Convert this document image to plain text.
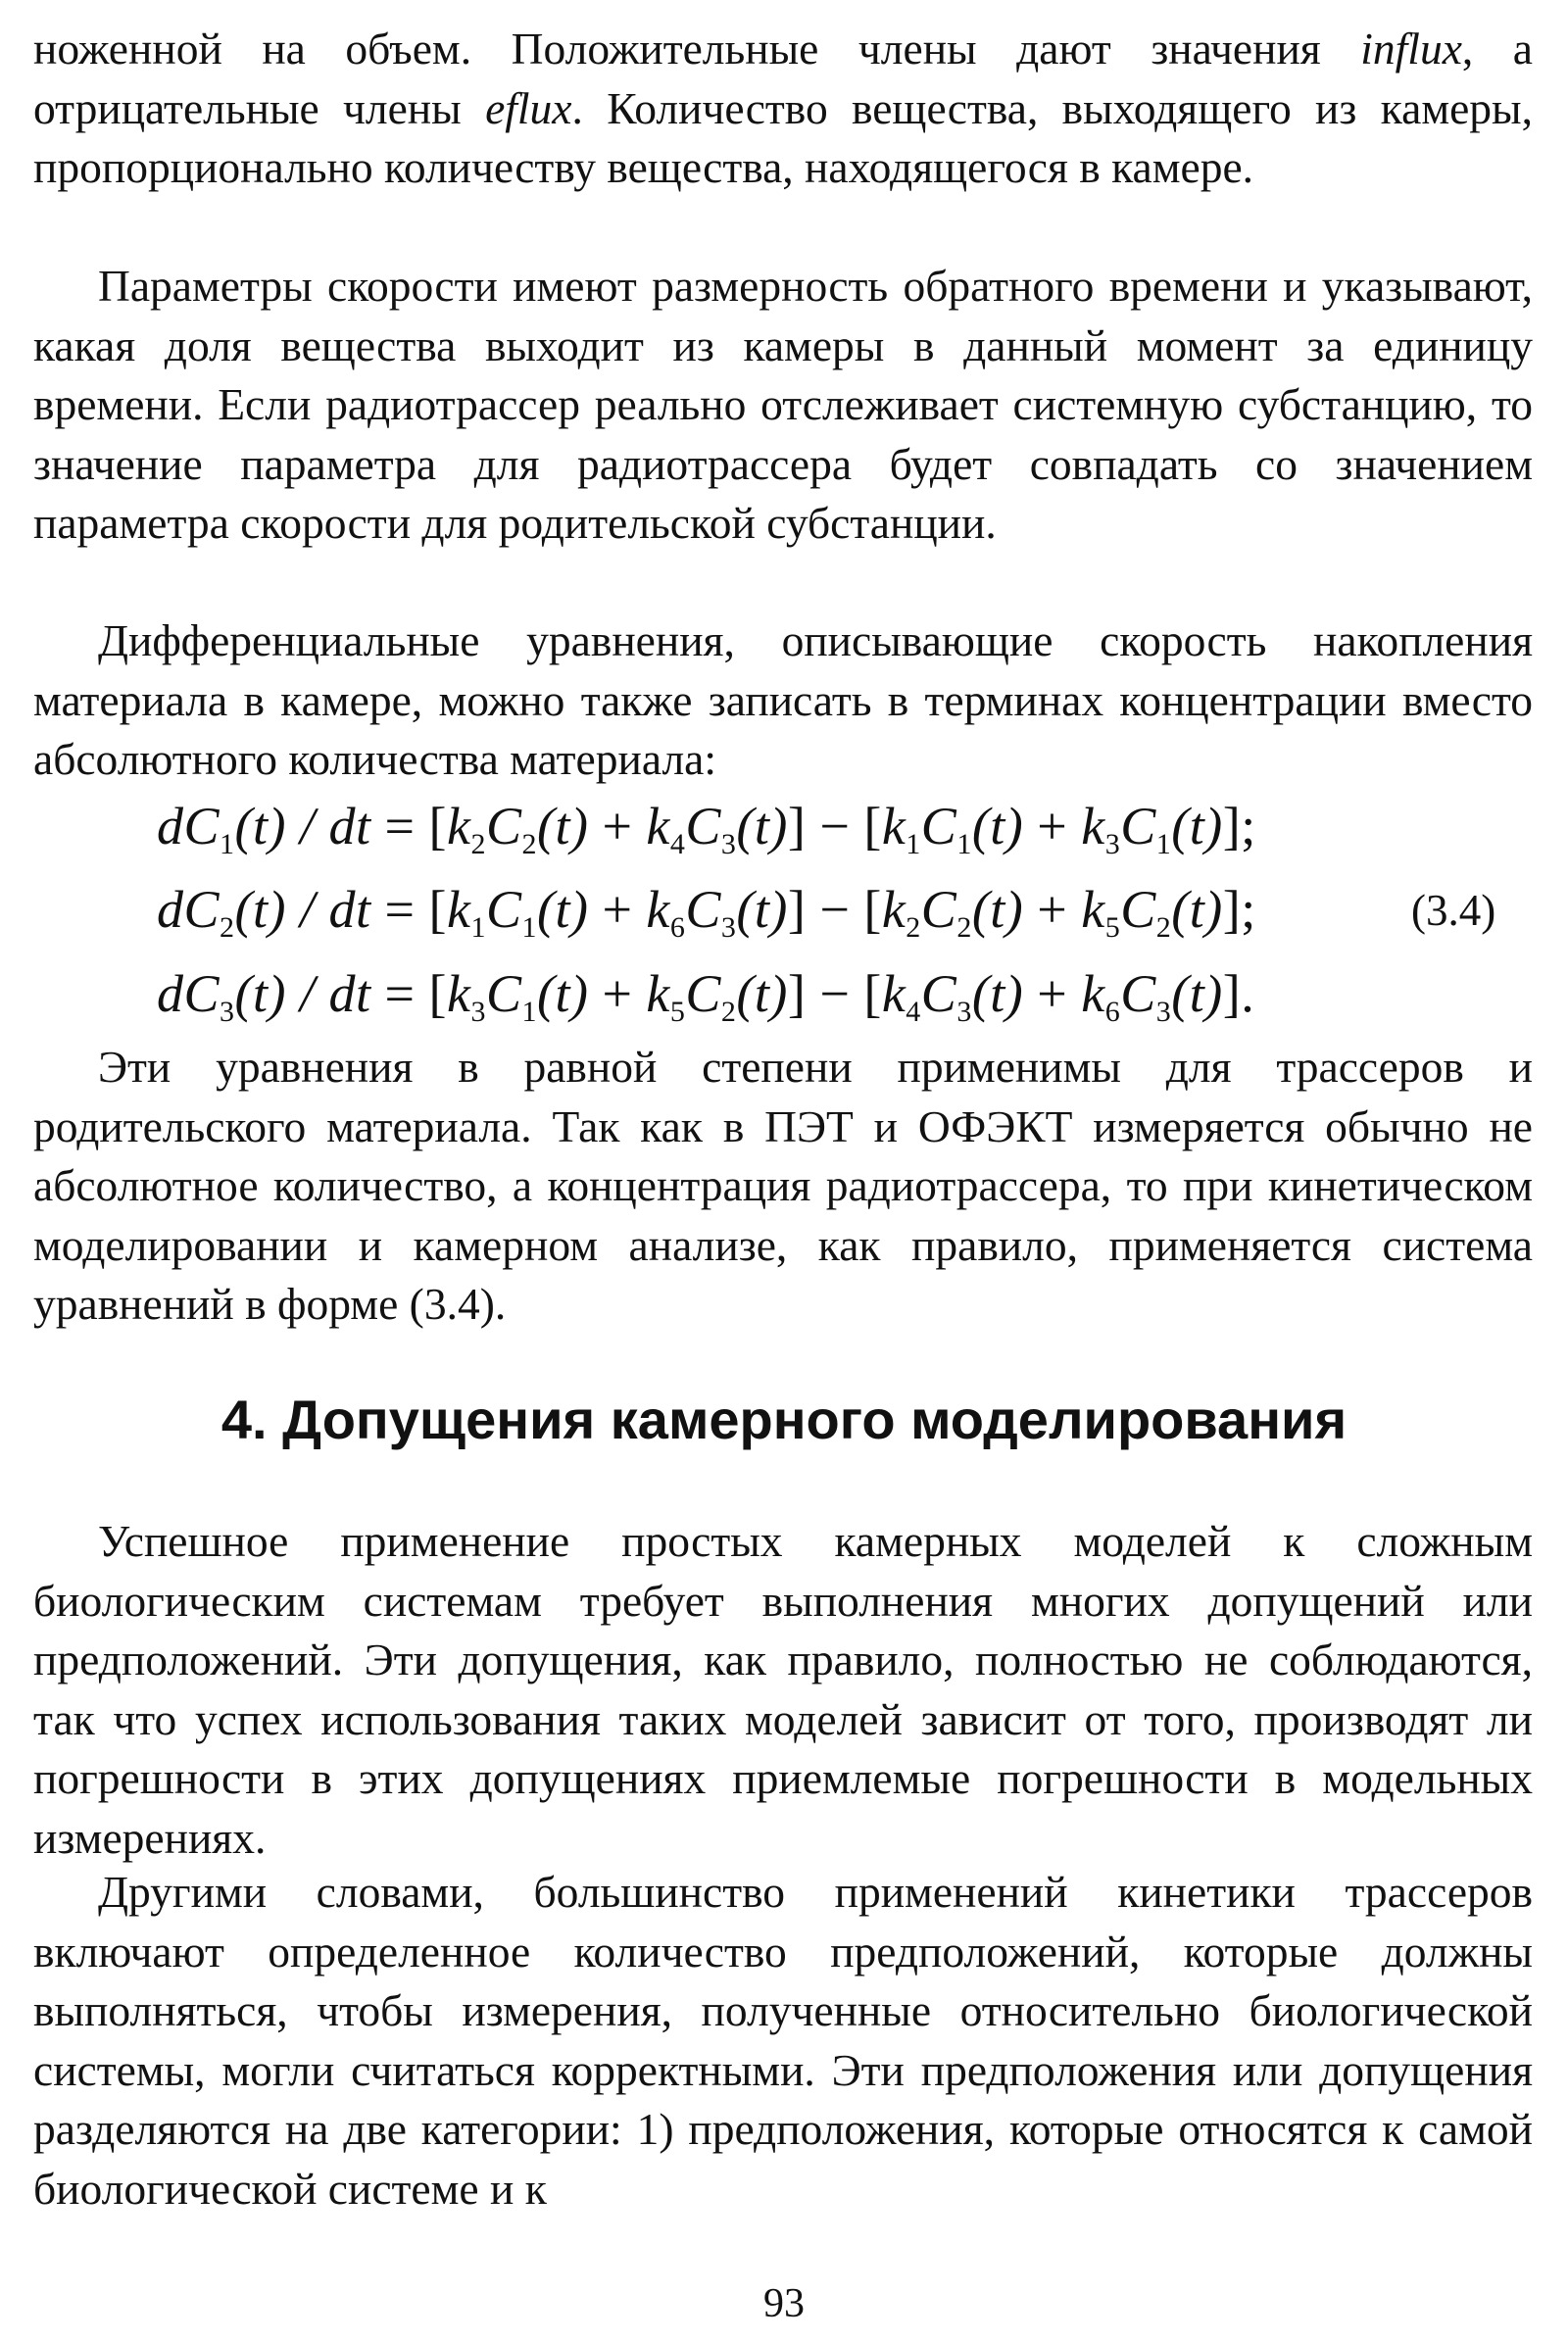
ноженной на объем. Положительные члены дают значения influx, а отрицательные члены eflux. Количество вещества, выходящего из камеры, пропорционально количеству вещества, находящегося в камере.
Параметры скорости имеют размерность обратного времени и указывают, какая доля вещества выходит из камеры в данный момент за единицу времени. Если радиотрассер реально отслеживает системную субстанцию, то значение параметра для радиотрассера будет совпадать со значением параметра скорости для родительской субстанции.
Дифференциальные уравнения, описывающие скорость накопления материала в камере, можно также записать в терминах концентрации вместо абсолютного количества материала:
$dC_1(t)$ / dt = $[k_2C_2(t) + k_4C_3(t)] - [k_1C_1(t) + k_3C_1(t)]$;
$dC_2(t)$ / dt = $[k_1C_1(t) + k_6C_3(t)] - [k_2C_2(t) + k_5C_2(t)]$;	(3.4)
$dC_3(t)$ / dt = $[k_3C_1(t) + k_5C_2(t)] - [k_4C_3(t) + k_6C_3(t)]$.
Эти уравнения в равной степени применимы для трассеров и родительского материала. Так как в ПЭТ и ОФЭКТ измеряется обычно не абсолютное количество, а концентрация радиотрассера, то при кинетическом моделировании и камерном анализе, как правило, применяется система уравнений в форме (3.4).
4. Допущения камерного моделирования
Успешное применение простых камерных моделей к сложным биологическим системам требует выполнения многих допущений или предположений. Эти допущения, как правило, полностью не соблюдаются, так что успех использования таких моделей зависит от того, производят ли погрешности в этих допущениях приемлемые погрешности в модельных измерениях.
Другими словами, большинство применений кинетики трассеров включают определенное количество предположений, которые должны выполняться, чтобы измерения, полученные относительно биологической системы, могли считаться корректными. Эти предположения или допущения разделяются на две категории: 1) предположения, которые относятся к самой биологической системе и к
93
